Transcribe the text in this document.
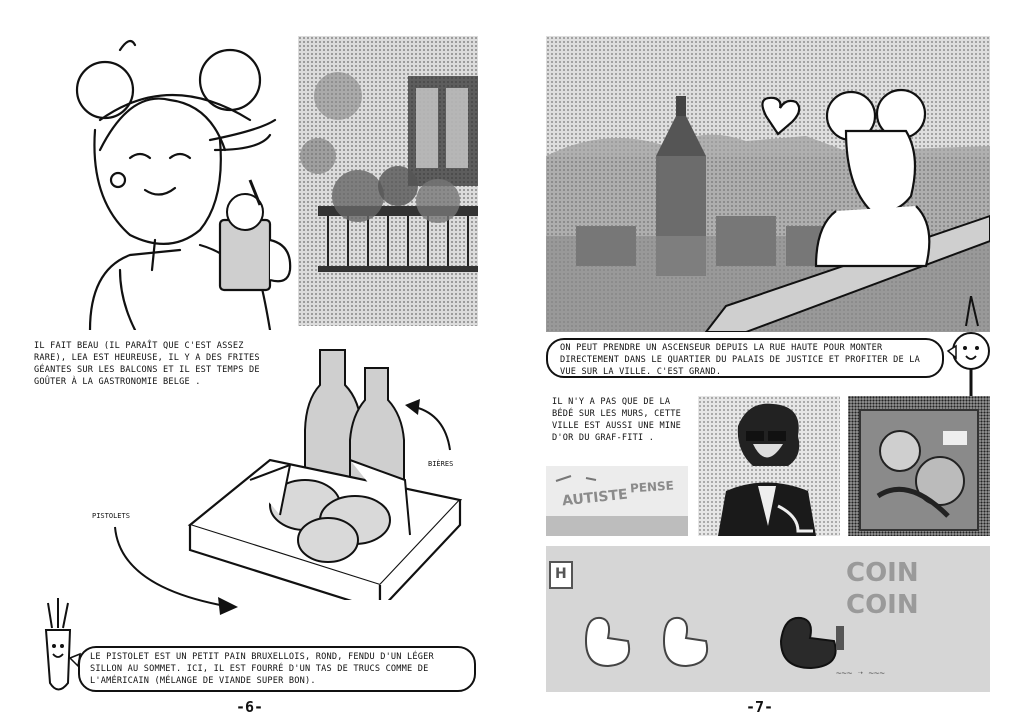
IL FAIT BEAU (IL PARAÎT QUE C'EST ASSEZ RARE), LEA EST HEUREUSE, IL Y A DES FRITES GÉANTES SUR LES BALCONS ET IL EST TEMPS DE GOÛTER À LA GASTRONOMIE BELGE .
BIÈRES
PISTOLETS
LE PISTOLET EST UN PETIT PAIN BRUXELLOIS, ROND, FENDU D'UN LÉGER SILLON AU SOMMET. ICI, IL EST FOURRÉ D'UN TAS DE TRUCS COMME DE L'AMÉRICAIN (MÉLANGE DE VIANDE SUPER BON).
-6-
ON PEUT PRENDRE UN ASCENSEUR DEPUIS LA RUE HAUTE POUR MONTER DIRECTEMENT DANS LE QUARTIER DU PALAIS DE JUSTICE ET PROFITER DE LA VUE SUR LA VILLE. C'EST GRAND.
IL N'Y A PAS QUE DE LA BÉDÉ SUR LES MURS, CETTE VILLE EST AUSSI UNE MINE D'OR DU GRAF-FITI .
AUTISTE PENSE
~~~ ➝ ~~~
H	COIN
COIN
-7-
